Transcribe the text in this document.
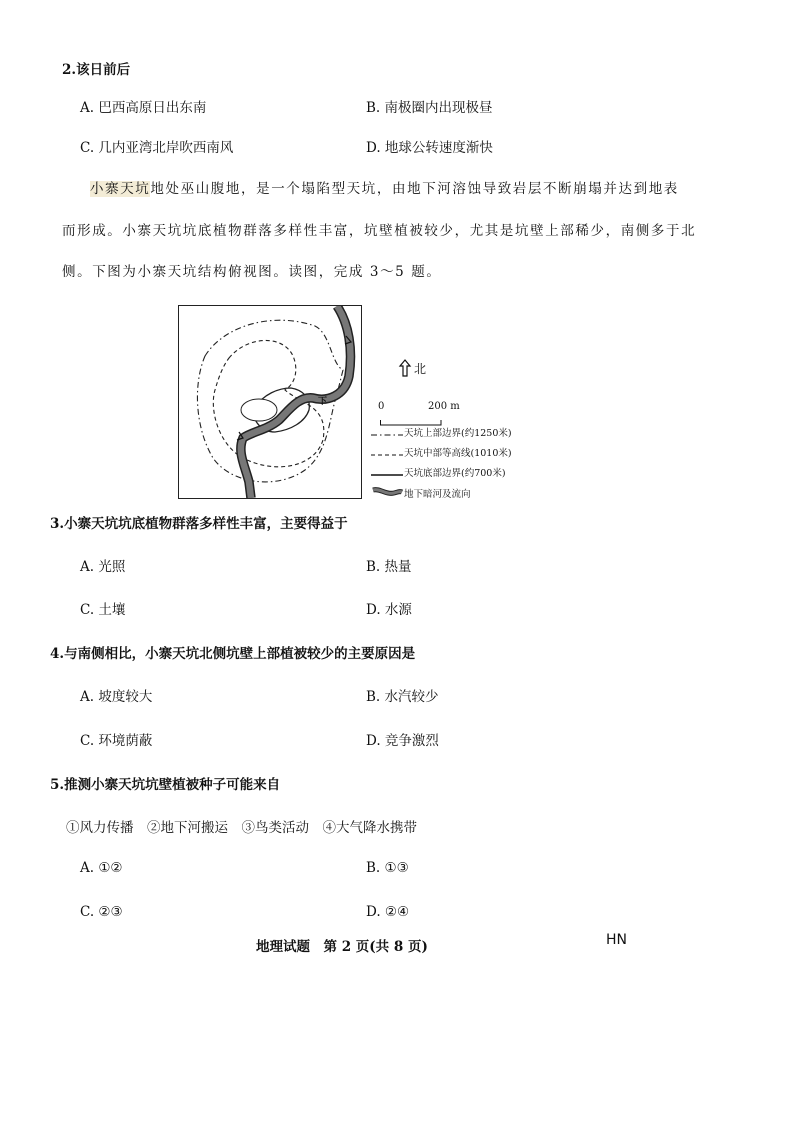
2.该日前后
A. 巴西高原日出东南	B. 南极圈内出现极昼
C. 几内亚湾北岸吹西南风	D. 地球公转速度渐快
小寨天坑地处巫山腹地，是一个塌陷型天坑，由地下河溶蚀导致岩层不断崩塌并达到地表
而形成。小寨天坑坑底植物群落多样性丰富，坑壁植被较少，尤其是坑壁上部稀少，南侧多于北
侧。下图为小寨天坑结构俯视图。读图，完成 3～5 题。
下
北
0	200 m
天坑上部边界(约1250米)
天坑中部等高线(1010米)
天坑底部边界(约700米)
地下暗河及流向
3.小寨天坑坑底植物群落多样性丰富，主要得益于
A. 光照	B. 热量
C. 土壤	D. 水源
4.与南侧相比，小寨天坑北侧坑壁上部植被较少的主要原因是
A. 坡度较大	B. 水汽较少
C. 环境荫蔽	D. 竞争激烈
5.推测小寨天坑坑壁植被种子可能来自
①风力传播　②地下河搬运　③鸟类活动　④大气降水携带
A. ①②	B. ①③
C. ②③	D. ②④
地理试题　第 2 页(共 8 页)	HN
